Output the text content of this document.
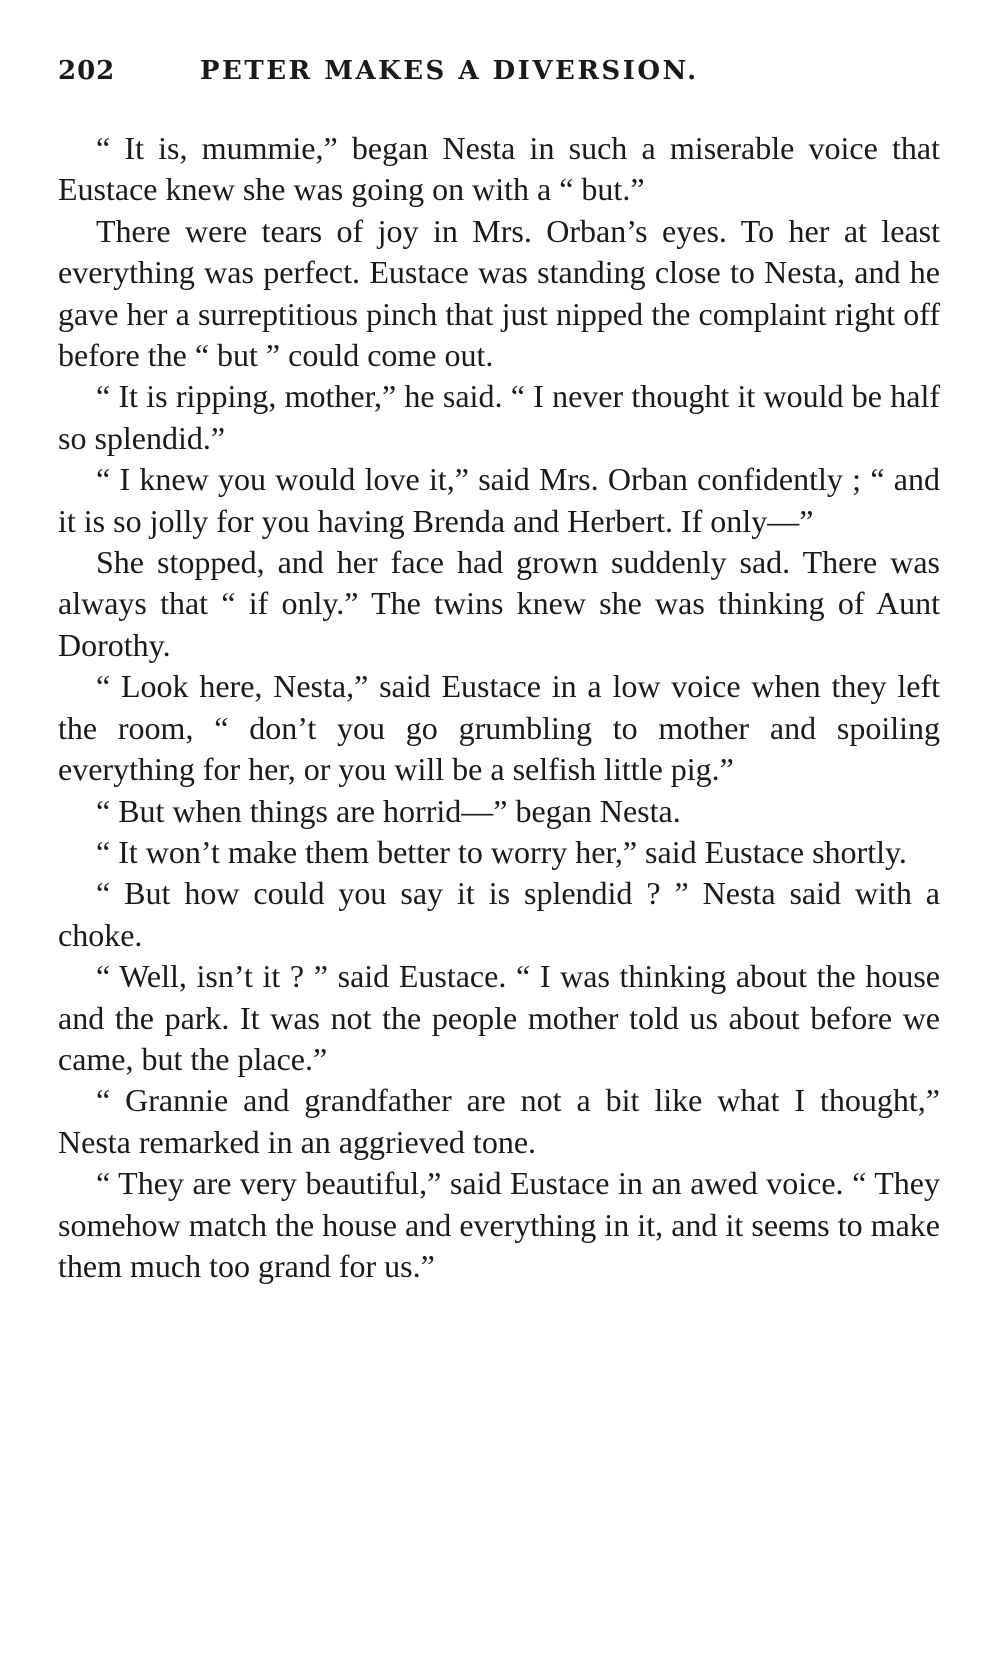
202	PETER MAKES A DIVERSION.

“ It is, mummie,” began Nesta in such a miserable voice that Eustace knew she was going on with a “ but.”

There were tears of joy in Mrs. Orban’s eyes. To her at least everything was perfect. Eustace was standing close to Nesta, and he gave her a surreptitious pinch that just nipped the complaint right off before the “ but ” could come out.

“ It is ripping, mother,” he said. “ I never thought it would be half so splendid.”

“ I knew you would love it,” said Mrs. Orban confidently ; “ and it is so jolly for you having Brenda and Herbert. If only—”

She stopped, and her face had grown suddenly sad. There was always that “ if only.” The twins knew she was thinking of Aunt Dorothy.

“ Look here, Nesta,” said Eustace in a low voice when they left the room, “ don’t you go grumbling to mother and spoiling everything for her, or you will be a selfish little pig.”

“ But when things are horrid—” began Nesta.

“ It won’t make them better to worry her,” said Eustace shortly.

“ But how could you say it is splendid ? ” Nesta said with a choke.

“ Well, isn’t it ? ” said Eustace. “ I was thinking about the house and the park. It was not the people mother told us about before we came, but the place.”

“ Grannie and grandfather are not a bit like what I thought,” Nesta remarked in an aggrieved tone.

“ They are very beautiful,” said Eustace in an awed voice. “ They somehow match the house and everything in it, and it seems to make them much too grand for us.”
